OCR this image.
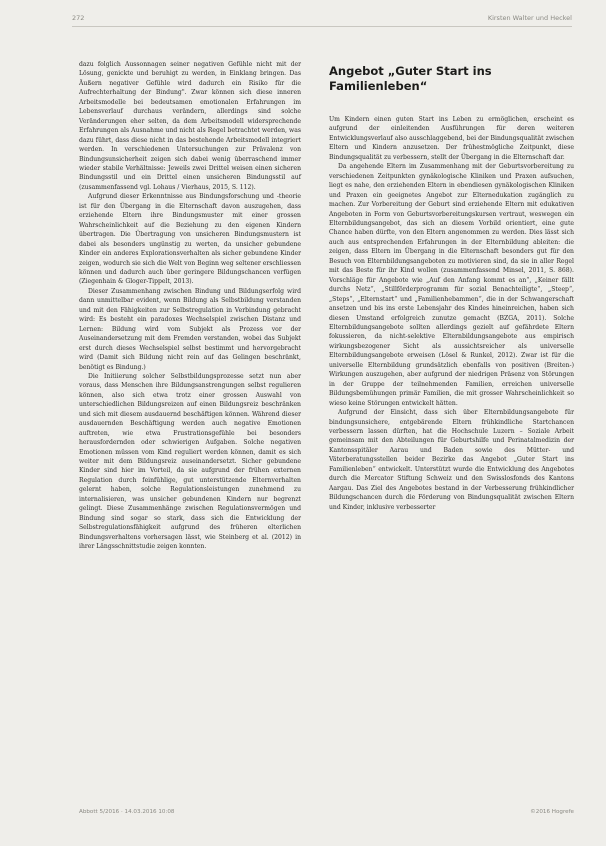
272	Kirsten Walter und Heckel

dazu folglich Aussonnagen seiner negativen Gefühle nicht mit der Lösung, genickte und beruhigt zu werden, in Einklang bringen. Das Äußern negativer Gefühle wird dadurch ein Risiko für die Aufrechterhaltung der Bindung". Zwar können sich diese inneren Arbeitsmodelle bei bedeutsamen emotionalen Erfahrungen im Lebensverlauf durchaus verändern, allerdings sind solche Veränderungen eher selten, da dem Arbeitsmodell widersprechende Erfahrungen als Ausnahme und nicht als Regel betrachtet werden, was dazu führt, dass diese nicht in das bestehende Arbeitsmodell integriert werden. In verschiedenen Untersuchungen zur Prävalenz von Bindungsunsicherheit zeigen sich dabei wenig überraschend immer wieder stabile Verhältnisse: Jeweils zwei Drittel weisen einen sicheren Bindungsstil und ein Drittel einen unsicheren Bindungsstil auf (zusammenfassend vgl. Lohaus / Vierhaus, 2015, S. 112).

Aufgrund dieser Erkenntnisse aus Bindungsforschung und -theorie ist für den Übergang in die Elternschaft davon auszugehen, dass erziehende Eltern ihre Bindungsmuster mit einer grossen Wahrscheinlichkeit auf die Beziehung zu den eigenen Kindern übertragen. Die Übertragung von unsicheren Bindungsmustern ist dabei als besonders ungünstig zu werten, da unsicher gebundene Kinder ein anderes Explorationsverhalten als sicher gebundene Kinder zeigen, wodurch sie sich die Welt von Beginn weg seltener erschliessen können und dadurch auch über geringere Bildungschancen verfügen (Ziegenhain & Gloger-Tippelt, 2013).

Dieser Zusammenhang zwischen Bindung und Bildungserfolg wird dann unmittelbar evident, wenn Bildung als Selbstbildung verstanden und mit den Fähigkeiten zur Selbstregulation in Verbindung gebracht wird: Es besteht ein paradoxes Wechselspiel zwischen Distanz und Lernen: Bildung wird vom Subjekt als Prozess vor der Auseinandersetzung mit dem Fremden verstanden, wobei das Subjekt erst durch dieses Wechselspiel selbst bestimmt und hervorgebracht wird (Damit sich Bildung nicht rein auf das Gelingen beschränkt, benötigt es Bindung.)

Die Initiierung solcher Selbstbildungsprozesse setzt nun aber voraus, dass Menschen ihre Bildungsanstrengungen selbst regulieren können, also sich etwa trotz einer grossen Auswahl von unterschiedlichen Bildungsreizen auf einen Bildungsreiz beschränken und sich mit diesem ausdauernd beschäftigen können. Während dieser ausdauernden Beschäftigung werden auch negative Emotionen auftreten, wie etwa Frustrationsgefühle bei besonders herausfordernden oder schwierigen Aufgaben. Solche negativen Emotionen müssen vom Kind reguliert werden können, damit es sich weiter mit dem Bildungsreiz auseinandersetzt. Sicher gebundene Kinder sind hier im Vorteil, da sie aufgrund der frühen externen Regulation durch feinfühlige, gut unterstützende Elternverhalten gelernt haben, solche Regulationsleistungen zunehmend zu internalisieren, was unsicher gebundenen Kindern nur begrenzt gelingt. Diese Zusammenhänge zwischen Regulationsvermögen und Bindung sind sogar so stark, dass sich die Entwicklung der Selbstregulationsfähigkeit aufgrund des früheren elterlichen Bindungsverhaltens vorhersagen lässt, wie Steinberg et al. (2012) in ihrer Längsschnittstudie zeigen konnten.

Angebot „Guter Start ins Familienleben“

Um Kindern einen guten Start ins Leben zu ermöglichen, erscheint es aufgrund der einleitenden Ausführungen für deren weiteren Entwicklungsverlauf also ausschlaggebend, bei der Bindungsqualität zwischen Eltern und Kindern anzusetzen. Der frühestmögliche Zeitpunkt, diese Bindungsqualität zu verbessern, stellt der Übergang in die Elternschaft dar.

Da angehende Eltern im Zusammenhang mit der Geburtsvorbereitung zu verschiedenen Zeitpunkten gynäkologische Kliniken und Praxen aufsuchen, liegt es nahe, den erziehenden Eltern in ebendiesen gynäkologischen Kliniken und Praxen ein geeignetes Angebot zur Elternedukation zugänglich zu machen. Zur Vorbereitung der Geburt sind erziehende Eltern mit edukativen Angeboten in Form von Geburtsvorbereitungskursen vertraut, weswegen ein Elternbildungsangebot, das sich an diesem Vorbild orientiert, eine gute Chance haben dürfte, von den Eltern angenommen zu werden. Dies lässt sich auch aus entsprechenden Erfahrungen in der Elternbildung ableiten: die zeigen, dass Eltern im Übergang in die Elternschaft besonders gut für den Besuch von Elternbildungsangeboten zu motivieren sind, da sie in aller Regel mit das Beste für ihr Kind wollen (zusammenfassend Minsel, 2011, S. 868). Vorschläge für Angebote wie „Auf den Anfang kommt es an“, „Keiner fällt durchs Netz“, „Stillförderprogramm für sozial Benachteiligte“, „Steep“, „Steps“, „Elternstart“ und „Familienhebammen“, die in der Schwangerschaft ansetzen und bis ins erste Lebensjahr des Kindes hineinreichen, haben sich diesen Umstand erfolgreich zunutze gemacht (BZGA, 2011). Solche Elternbildungsangebote sollten allerdings gezielt auf gefährdete Eltern fokussieren, da nicht-selektive Elternbildungsangebote aus empirisch wirkungsbezogener Sicht als aussichtsreicher als universelle Elternbildungsangebote erweisen (Lösel & Runkel, 2012). Zwar ist für die universelle Elternbildung grundsätzlich ebenfalls von positiven (Breiten-) Wirkungen auszugehen, aber aufgrund der niedrigen Präsenz von Störungen in der Gruppe der teilnehmenden Familien, erreichen universelle Bildungsbemühungen primär Familien, die mit grosser Wahrscheinlichkeit so wieso keine Störungen entwickelt hätten.

Aufgrund der Einsicht, dass sich über Elternbildungsangebote für bindungsunsichere, entgebärende Eltern frühkindliche Startchancen verbessern lassen dürften, hat die Hochschule Luzern – Soziale Arbeit gemeinsam mit den Abteilungen für Geburtshilfe und Perinatalmedizin der Kantonsspitäler Aarau und Baden sowie des Mütter- und Väterberatungsstellen beider Bezirke das Angebot „Guter Start ins Familienleben“ entwickelt. Unterstützt wurde die Entwicklung des Angebotes durch die Mercator Stiftung Schweiz und den Swisslosfonds des Kantons Aargau. Das Ziel des Angebotes bestand in der Verbesserung frühkindlicher Bildungschancen durch die Förderung von Bindungsqualität zwischen Eltern und Kinder, inklusive verbesserter

Abbott 5/2016 · 14.03.2016 10:08	©2016 Hogrefe
